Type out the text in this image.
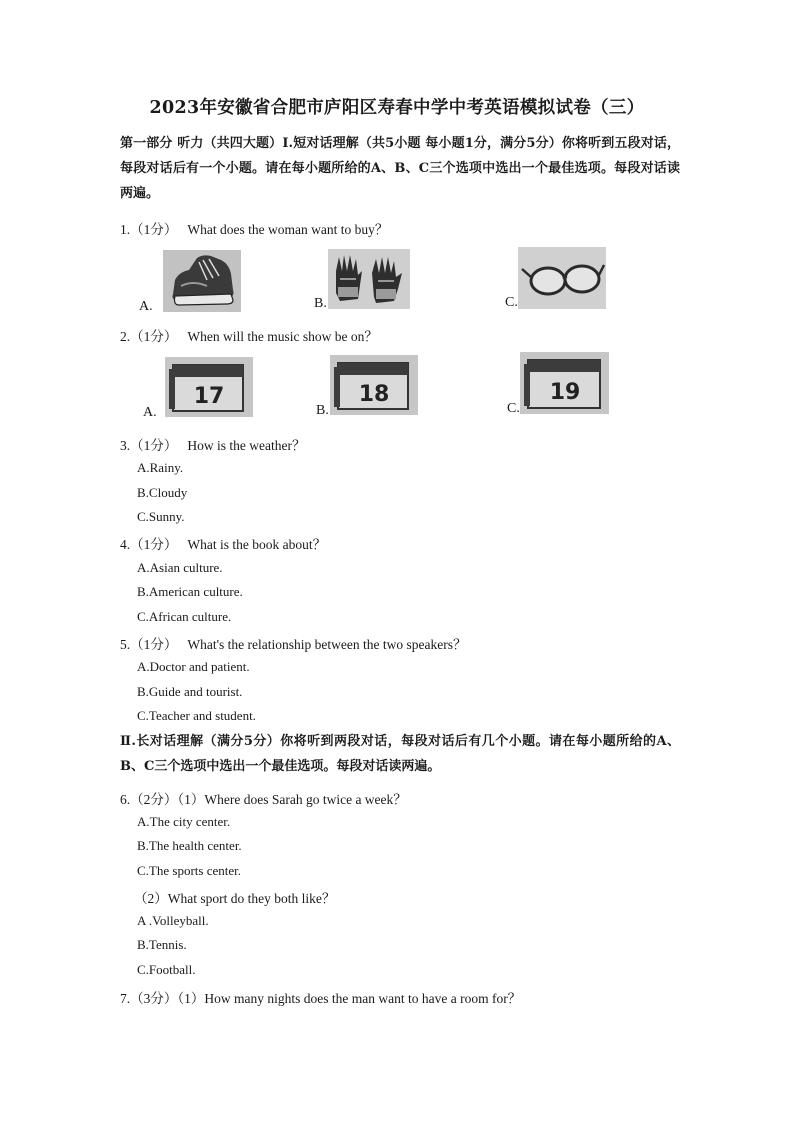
2023年安徽省合肥市庐阳区寿春中学中考英语模拟试卷（三）
第一部分 听力（共四大题）Ⅰ.短对话理解（共5小题 每小题1分，满分5分）你将听到五段对话，每段对话后有一个小题。请在每小题所给的A、B、C三个选项中选出一个最佳选项。每段对话读两遍。
1.（1分） What does the woman want to buy？
A.	B.	C.
2.（1分） When will the music show be on？
A.
17
B.
18
C.
19
3.（1分） How is the weather？
A.Rainy.
B.Cloudy
C.Sunny.
4.（1分） What is the book about？
A.Asian culture.
B.American culture.
C.African culture.
5.（1分） What's the relationship between the two speakers？
A.Doctor and patient.
B.Guide and tourist.
C.Teacher and student.
Ⅱ.长对话理解（满分5分）你将听到两段对话，每段对话后有几个小题。请在每小题所给的A、B、C三个选项中选出一个最佳选项。每段对话读两遍。
6.（2分）（1）Where does Sarah go twice a week？
A.The city center.
B.The health center.
C.The sports center.
（2）What sport do they both like？
A .Volleyball.
B.Tennis.
C.Football.
7.（3分）（1）How many nights does the man want to have a room for？
